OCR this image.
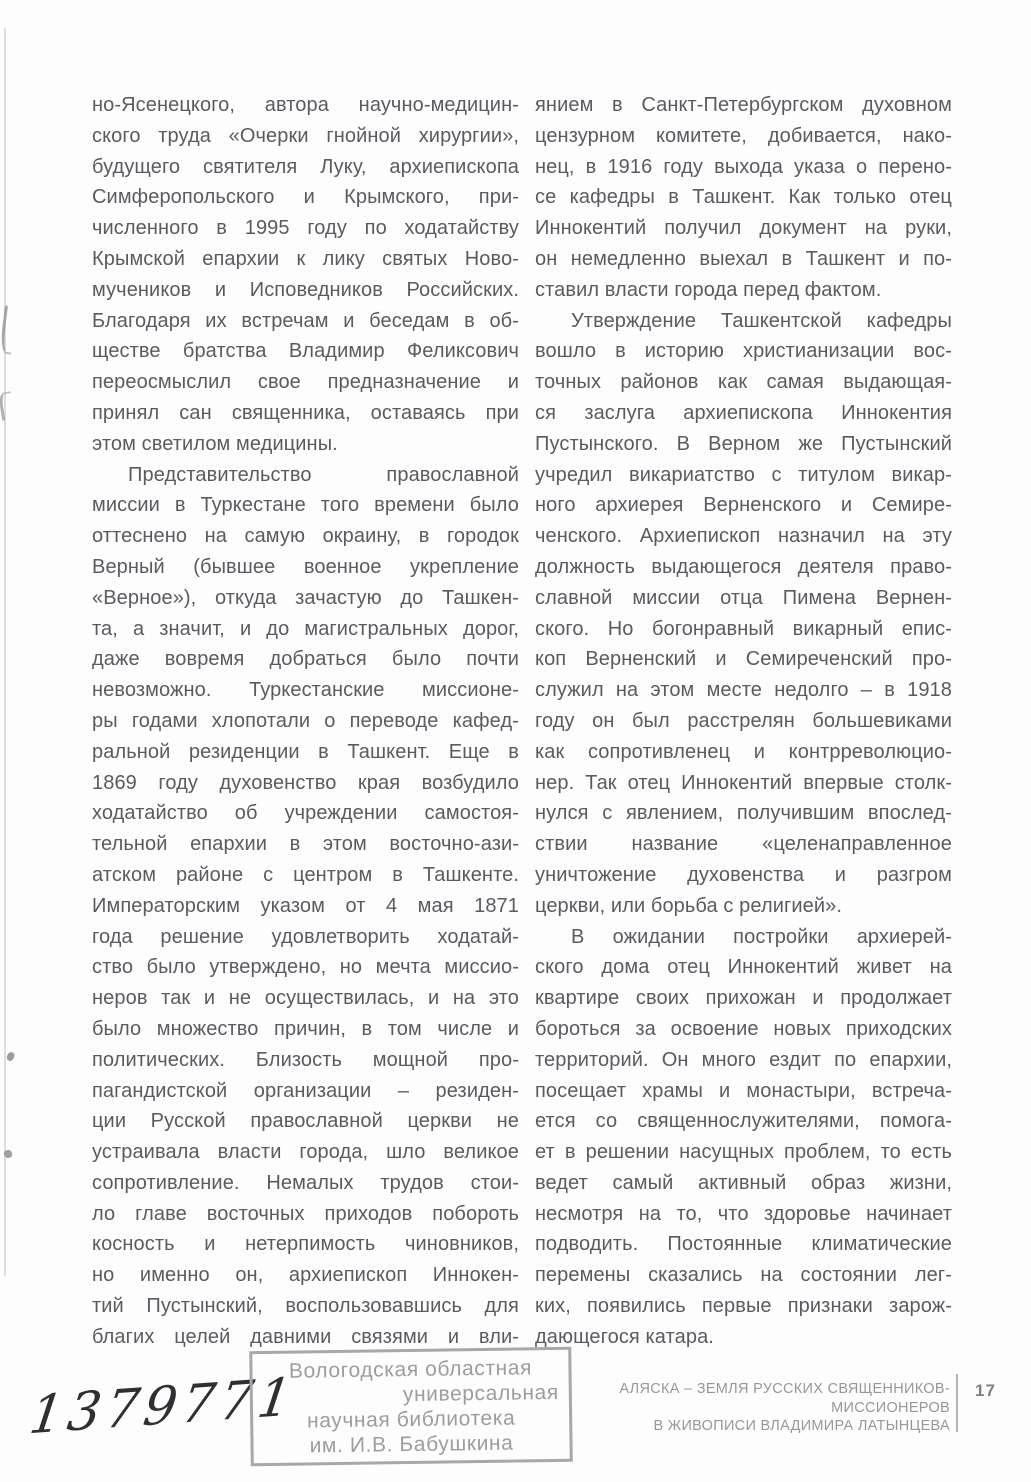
но-Ясенецкого, автора научно-медицин-
ского труда «Очерки гнойной хирургии»,
будущего святителя Луку, архиепископа
Симферопольского и Крымского, при-
численного в 1995 году по ходатайству
Крымской епархии к лику святых Ново-
мучеников и Исповедников Российских.
Благодаря их встречам и беседам в об-
ществе братства Владимир Феликсович
переосмыслил свое предназначение и
принял сан священника, оставаясь при
этом светилом медицины.
Представительство православной
миссии в Туркестане того времени было
оттеснено на самую окраину, в городок
Верный (бывшее военное укрепление
«Верное»), откуда зачастую до Ташкен-
та, а значит, и до магистральных дорог,
даже вовремя добраться было почти
невозможно. Туркестанские миссионе-
ры годами хлопотали о переводе кафед-
ральной резиденции в Ташкент. Еще в
1869 году духовенство края возбудило
ходатайство об учреждении самостоя-
тельной епархии в этом восточно-ази-
атском районе с центром в Ташкенте.
Императорским указом от 4 мая 1871
года решение удовлетворить ходатай-
ство было утверждено, но мечта миссио-
неров так и не осуществилась, и на это
было множество причин, в том числе и
политических. Близость мощной про-
пагандистской организации – резиден-
ции Русской православной церкви не
устраивала власти города, шло великое
сопротивление. Немалых трудов стои-
ло главе восточных приходов побороть
косность и нетерпимость чиновников,
но именно он, архиепископ Иннокен-
тий Пустынский, воспользовавшись для
благих целей давними связями и вли-
янием в Санкт-Петербургском духовном
цензурном комитете, добивается, нако-
нец, в 1916 году выхода указа о перено-
се кафедры в Ташкент. Как только отец
Иннокентий получил документ на руки,
он немедленно выехал в Ташкент и по-
ставил власти города перед фактом.
Утверждение Ташкентской кафедры
вошло в историю христианизации вос-
точных районов как самая выдающая-
ся заслуга архиепископа Иннокентия
Пустынского. В Верном же Пустынский
учредил викариатство с титулом викар-
ного архиерея Верненского и Семире-
ченского. Архиепископ назначил на эту
должность выдающегося деятеля право-
славной миссии отца Пимена Вернен-
ского. Но богонравный викарный епис-
коп Верненский и Семиреченский про-
служил на этом месте недолго – в 1918
году он был расстрелян большевиками
как сопротивленец и контрреволюцио-
нер. Так отец Иннокентий впервые столк-
нулся с явлением, получившим впослед-
ствии название «целенаправленное
уничтожение духовенства и разгром
церкви, или борьба с религией».
В ожидании постройки архиерей-
ского дома отец Иннокентий живет на
квартире своих прихожан и продолжает
бороться за освоение новых приходских
территорий. Он много ездит по епархии,
посещает храмы и монастыри, встреча-
ется со священнослужителями, помога-
ет в решении насущных проблем, то есть
ведет самый активный образ жизни,
несмотря на то, что здоровье начинает
подводить. Постоянные климатические
перемены сказались на состоянии лег-
ких, появились первые признаки зарож-
дающегося катара.
1379771	АЛЯСКА – ЗЕМЛЯ РУССКИХ СВЯЩЕННИКОВ-МИССИОНЕРОВ
В ЖИВОПИСИ ВЛАДИМИРА ЛАТЫНЦЕВА
Вологодская областная
универсальная
научная библиотека
им. И.В. Бабушкина
17
